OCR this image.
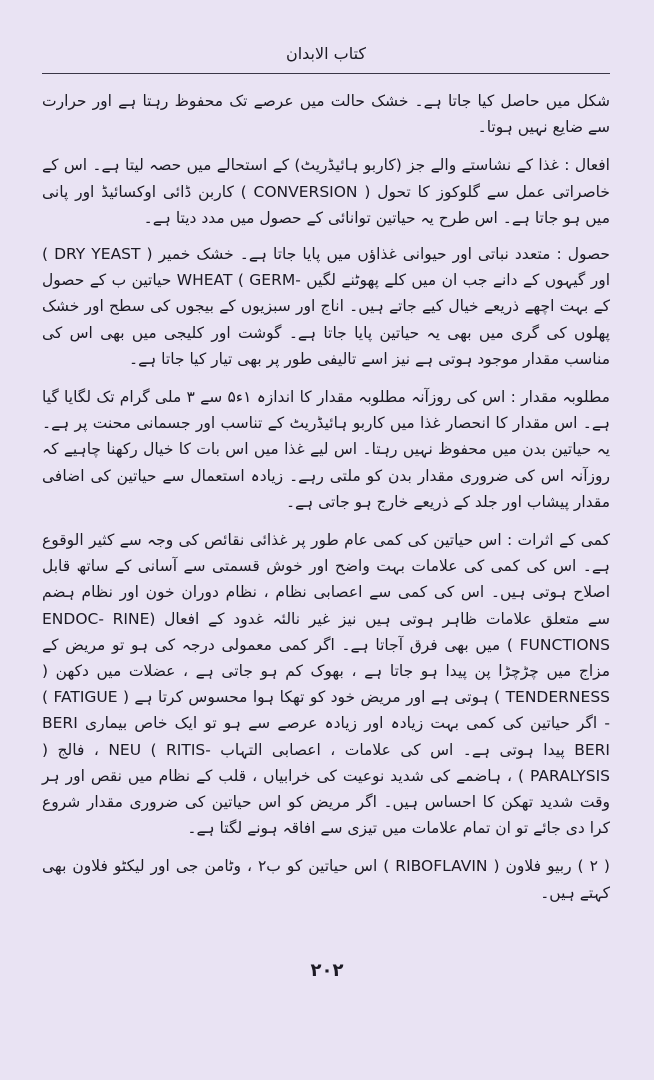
کتاب الابدان

شکل میں حاصل کیا جاتا ہے۔ خشک حالت میں عرصے تک محفوظ رہتا ہے اور حرارت سے ضایع نہیں ہوتا۔

افعال : غذا کے نشاستے والے جز (کاربو ہائیڈریٹ) کے استحالے میں حصہ لیتا ہے۔ اس کے خاصراتی عمل سے گلوکوز کا تحول ( CONVERSION ) کاربن ڈائی اوکسائیڈ اور پانی میں ہو جاتا ہے۔ اس طرح یہ حیاتین توانائی کے حصول میں مدد دیتا ہے۔

حصول : متعدد نباتی اور حیوانی غذاؤں میں پایا جاتا ہے۔ خشک خمیر ( DRY YEAST ) اور گیہوں کے دانے جب ان میں کلے پھوٹنے لگیں -WHEAT ( GERM حیاتین ب کے حصول کے بہت اچھے ذریعے خیال کیے جاتے ہیں۔ اناج اور سبزیوں کے بیجوں کی سطح اور خشک پھلوں کی گری میں بھی یہ حیاتین پایا جاتا ہے۔ گوشت اور کلیجی میں بھی اس کی مناسب مقدار موجود ہوتی ہے نیز اسے تالیفی طور پر بھی تیار کیا جاتا ہے۔

مطلوبہ مقدار : اس کی روزآنہ مطلوبہ مقدار کا اندازہ ۱ء۵ سے ۳ ملی گرام تک لگایا گیا ہے۔ اس مقدار کا انحصار غذا میں کاربو ہائیڈریٹ کے تناسب اور جسمانی محنت پر ہے۔ یہ حیاتین بدن میں محفوظ نہیں رہتا۔ اس لیے غذا میں اس بات کا خیال رکھنا چاہیے کہ روزآنہ اس کی ضروری مقدار بدن کو ملتی رہے۔ زیادہ استعمال سے حیاتین کی اضافی مقدار پیشاب اور جلد کے ذریعے خارج ہو جاتی ہے۔

کمی کے اثرات : اس حیاتین کی کمی عام طور پر غذائی نقائص کی وجہ سے کثیر الوقوع ہے۔ اس کی کمی کی علامات بہت واضح اور خوش قسمتی سے آسانی کے ساتھ قابل اصلاح ہوتی ہیں۔ اس کی کمی سے اعصابی نظام ، نظام دوران خون اور نظام ہضم سے متعلق علامات ظاہر ہوتی ہیں نیز غیر نالئہ غدود کے افعال (ENDOC- RINE FUNCTIONS ) میں بھی فرق آجاتا ہے۔ اگر کمی معمولی درجہ کی ہو تو مریض کے مزاج میں چڑچڑا پن پیدا ہو جاتا ہے ، بھوک کم ہو جاتی ہے ، عضلات میں دکھن ( TENDERNESS ) ہوتی ہے اور مریض خود کو تھکا ہوا محسوس کرتا ہے ( FATIGUE ) - اگر حیاتین کی کمی بہت زیادہ اور زیادہ عرصے سے ہو تو ایک خاص بیماری BERI BERI پیدا ہوتی ہے۔ اس کی علامات ، اعصابی التہاب -NEU ( RITIS ، فالج ( PARALYSIS ) ، ہاضمے کی شدید نوعیت کی خرابیاں ، قلب کے نظام میں نقص اور ہر وقت شدید تھکن کا احساس ہیں۔ اگر مریض کو اس حیاتین کی ضروری مقدار شروع کرا دی جائے تو ان تمام علامات میں تیزی سے افاقہ ہونے لگتا ہے۔

( ۲ ) ربیو فلاون ( RIBOFLAVIN ) اس حیاتین کو ب۲ ، وٹامن جی اور لیکٹو فلاون بھی کہتے ہیں۔

۲۰۲
